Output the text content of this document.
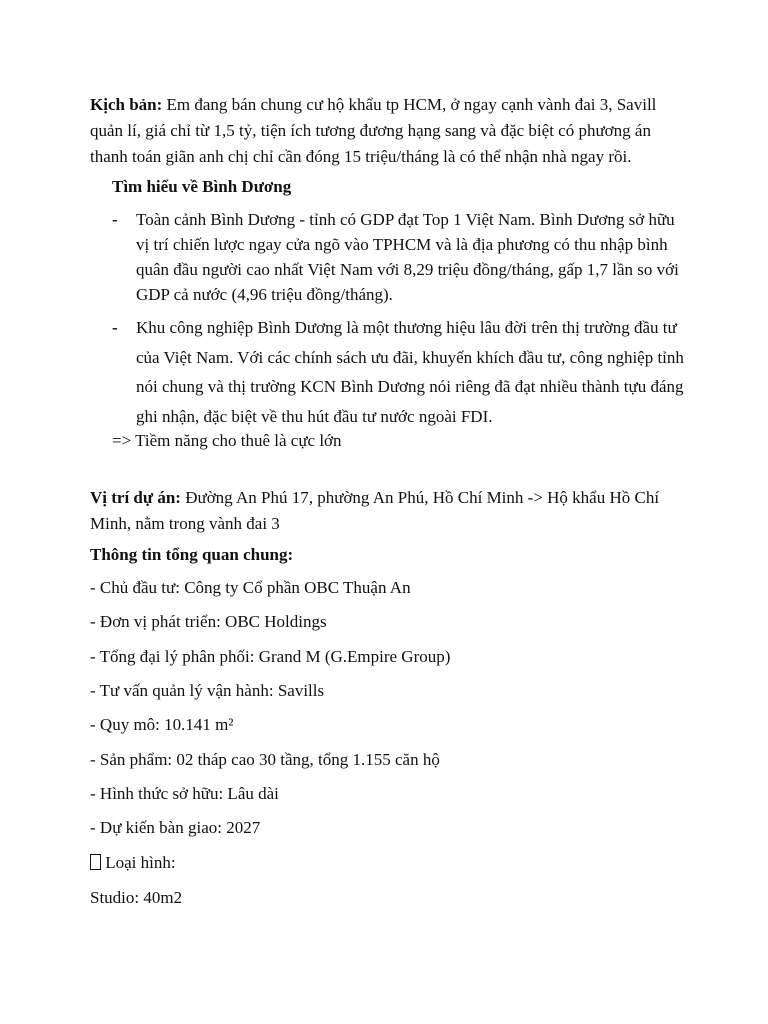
Kịch bản: Em đang bán chung cư hộ khẩu tp HCM, ở ngay cạnh vành đai 3, Savill quản lí, giá chỉ từ 1,5 tỷ, tiện ích tương đương hạng sang và đặc biệt có phương án thanh toán giãn anh chị chỉ cần đóng 15 triệu/tháng là có thể nhận nhà ngay rồi.
Tìm hiểu về Bình Dương
- Toàn cảnh Bình Dương - tỉnh có GDP đạt Top 1 Việt Nam. Bình Dương sở hữu vị trí chiến lược ngay cửa ngõ vào TPHCM và là địa phương có thu nhập bình quân đầu người cao nhất Việt Nam với 8,29 triệu đồng/tháng, gấp 1,7 lần so với GDP cả nước (4,96 triệu đồng/tháng).
- Khu công nghiệp Bình Dương là một thương hiệu lâu đời trên thị trường đầu tư của Việt Nam. Với các chính sách ưu đãi, khuyến khích đầu tư, công nghiệp tỉnh nói chung và thị trường KCN Bình Dương nói riêng đã đạt nhiều thành tựu đáng ghi nhận, đặc biệt về thu hút đầu tư nước ngoài FDI.
=> Tiềm năng cho thuê là cực lớn
Vị trí dự án: Đường An Phú 17, phường An Phú, Hồ Chí Minh -> Hộ khẩu Hồ Chí Minh, nằm trong vành đai 3
Thông tin tổng quan chung:
- Chủ đầu tư: Công ty Cổ phần OBC Thuận An
- Đơn vị phát triển: OBC Holdings
- Tổng đại lý phân phối: Grand M (G.Empire Group)
- Tư vấn quản lý vận hành: Savills
- Quy mô: 10.141 m²
- Sản phẩm: 02 tháp cao 30 tầng, tổng 1.155 căn hộ
- Hình thức sở hữu: Lâu dài
- Dự kiến bàn giao: 2027
Loại hình:
Studio: 40m2
